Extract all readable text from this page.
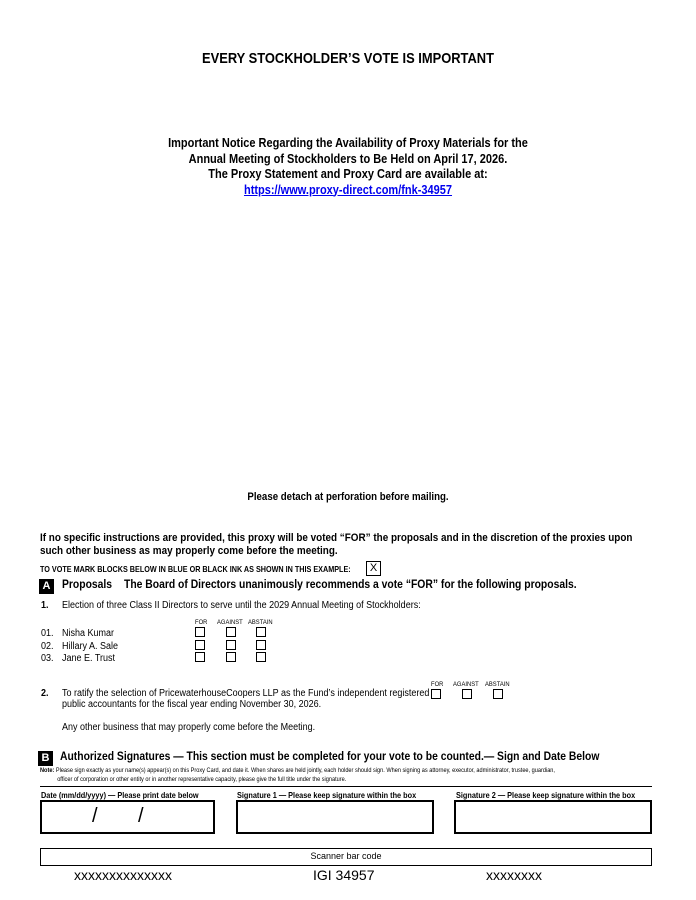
EVERY STOCKHOLDER’S VOTE IS IMPORTANT
Important Notice Regarding the Availability of Proxy Materials for the
Annual Meeting of Stockholders to Be Held on April 17, 2026.
The Proxy Statement and Proxy Card are available at:
https://www.proxy-direct.com/fnk-34957
Please detach at perforation before mailing.
If no specific instructions are provided, this proxy will be voted “FOR” the proposals and in the discretion of the proxies upon
such other business as may properly come before the meeting.
TO VOTE MARK BLOCKS BELOW IN BLUE OR BLACK INK AS SHOWN IN THIS EXAMPLE:	X
A	Proposals The Board of Directors unanimously recommends a vote “FOR” for the following proposals.
1. Election of three Class II Directors to serve until the 2029 Annual Meeting of Stockholders:
FOR AGAINST ABSTAIN
01. Nisha Kumar
02. Hillary A. Sale
03. Jane E. Trust
FOR AGAINST ABSTAIN
2. To ratify the selection of PricewaterhouseCoopers LLP as the Fund’s independent registered
public accountants for the fiscal year ending November 30, 2026.
Any other business that may properly come before the Meeting.
B Authorized Signatures — This section must be completed for your vote to be counted.— Sign and Date Below
Note: Please sign exactly as your name(s) appear(s) on this Proxy Card, and date it. When shares are held jointly, each holder should sign. When signing as attorney, executor, administrator, trustee, guardian,
officer of corporation or other entity or in another representative capacity, please give the full title under the signature.
Date (mm/dd/yyyy) — Please print date below	Signature 1 — Please keep signature within the box	Signature 2 — Please keep signature within the box
/ /
Scanner bar code
xxxxxxxxxxxxxx	IGI 34957	xxxxxxxx
